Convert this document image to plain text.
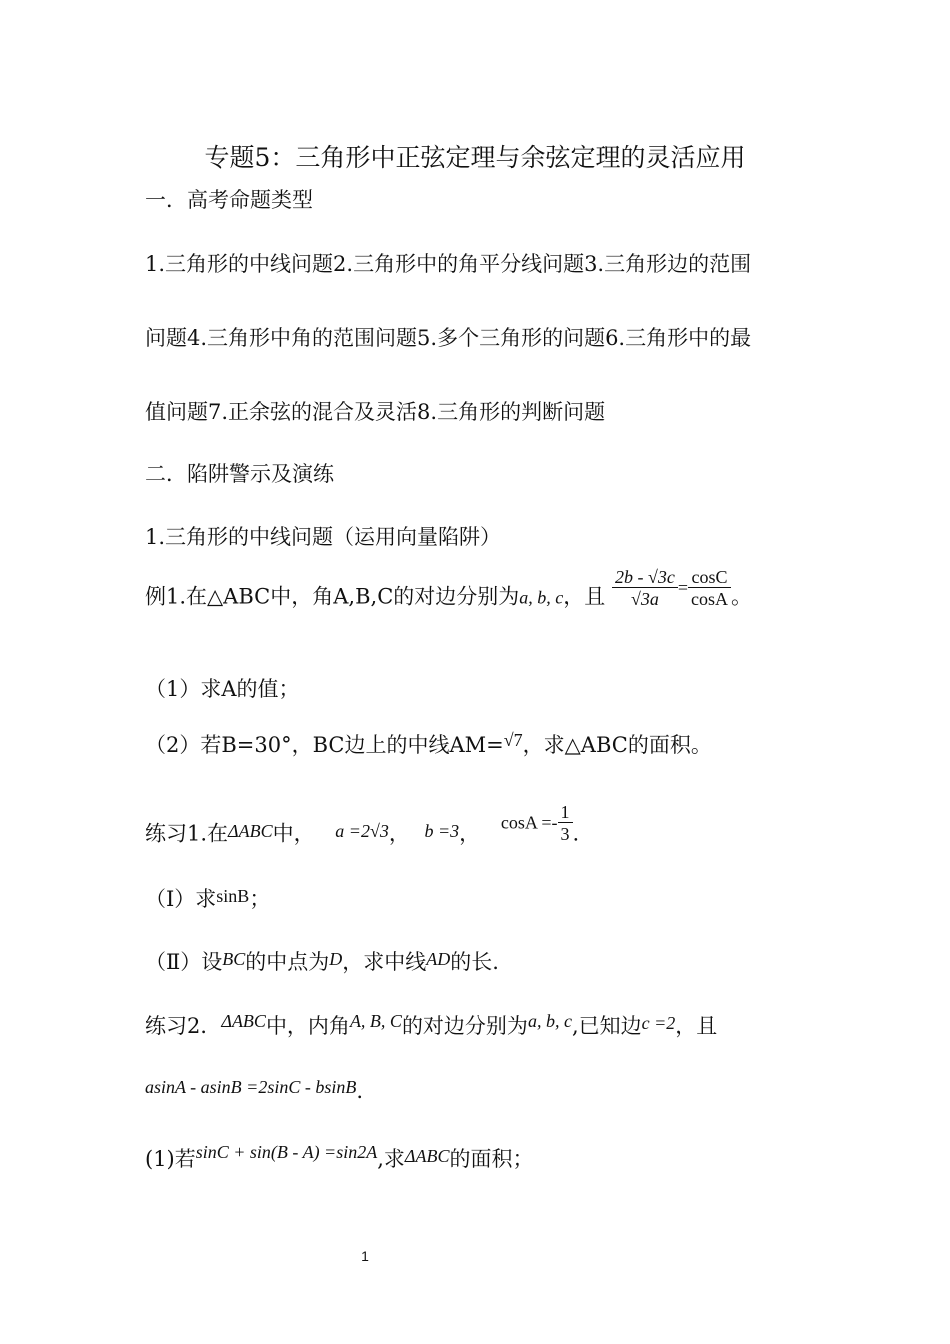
专题5：三角形中正弦定理与余弦定理的灵活应用
一．高考命题类型
1.三角形的中线问题2.三角形中的角平分线问题3.三角形边的范围
问题4.三角形中角的范围问题5.多个三角形的问题6.三角形中的最
值问题7.正余弦的混合及灵活8.三角形的判断问题
二．陷阱警示及演练
1.三角形的中线问题（运用向量陷阱）
例1.在△ABC中，角A,B,C的对边分别为a, b, c，且 $\frac{2b - √3c}{√3a} = \frac{\cos C}{\cos A}$ 。
（1）求A的值；
（2）若B=30°，BC边上的中线AM=√7，求△ABC的面积。
练习1.在ΔABC中， a =2√3， b =3， $\cos A =- \frac{1}{3}$ .
（Ⅰ）求sinB；
（Ⅱ）设BC的中点为D，求中线AD的长.
练习2．ΔABC中，内角A, B, C的对边分别为a, b, c,已知边c =2，且
asinA - asinB =2sinC - bsinB.
(1)若sinC + sin(B - A) =sin2A,求ΔABC的面积；
1
